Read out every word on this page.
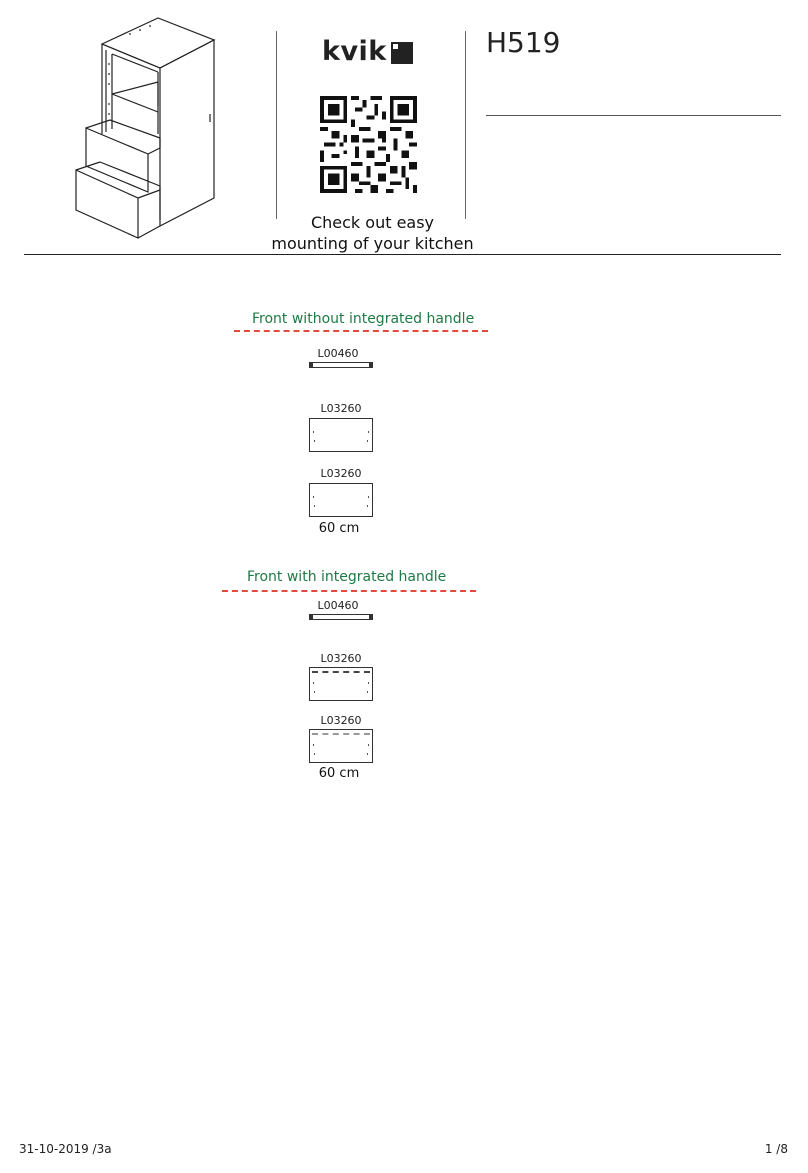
kvik
Check out easy
mounting of your kitchen
H519
Front without integrated handle
L00460
L03260
L03260
60 cm
Front with integrated handle
L00460
L03260
L03260
60 cm
31-10-2019 /3a	1 /8
